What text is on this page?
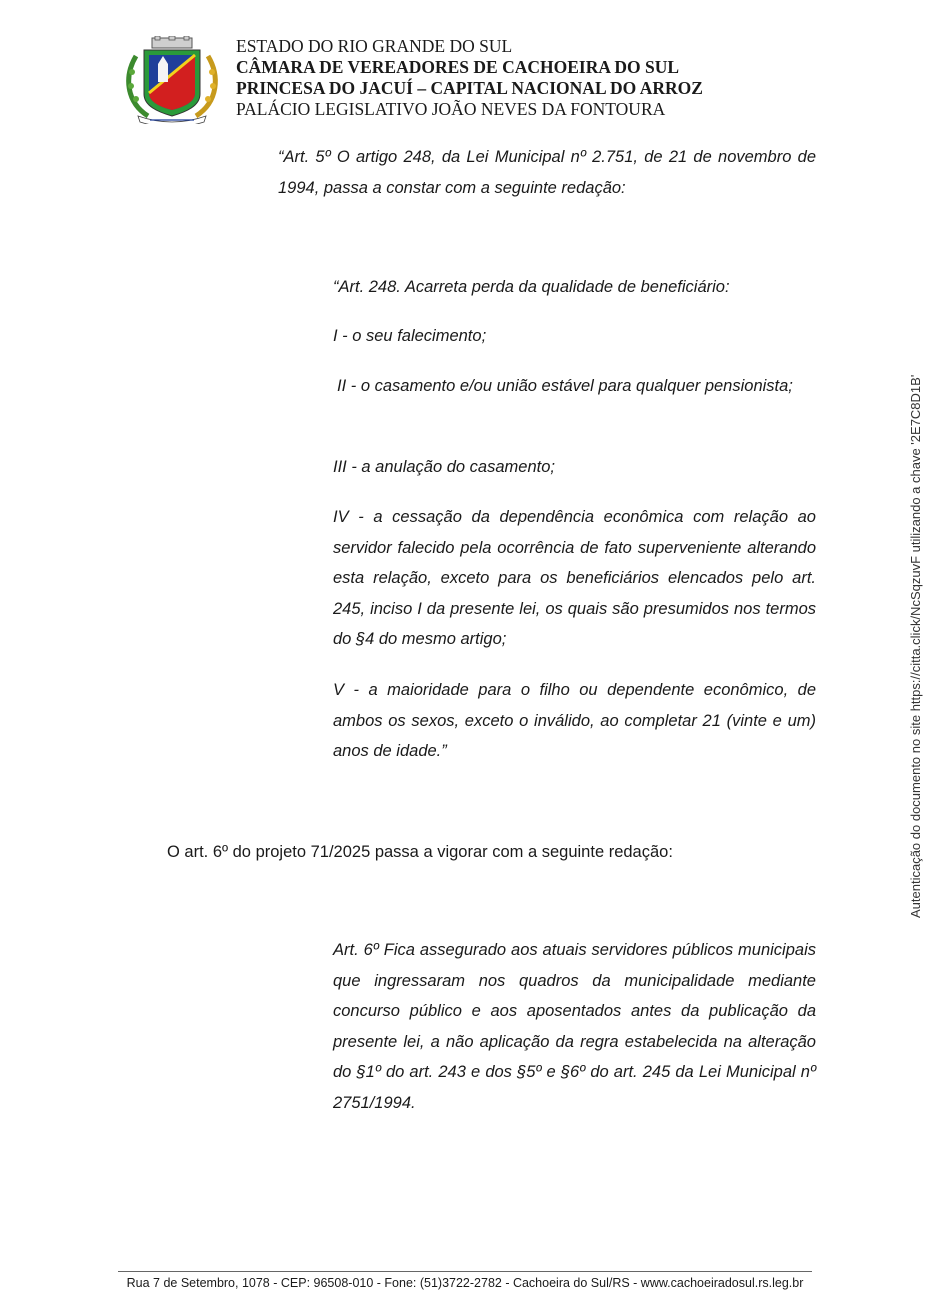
ESTADO DO RIO GRANDE DO SUL
CÂMARA DE VEREADORES DE CACHOEIRA DO SUL
PRINCESA DO JACUÍ – CAPITAL NACIONAL DO ARROZ
PALÁCIO LEGISLATIVO JOÃO NEVES DA FONTOURA
“Art. 5º O artigo 248, da Lei Municipal nº 2.751, de 21 de novembro de 1994, passa a constar com a seguinte redação:
“Art. 248. Acarreta perda da qualidade de beneficiário:
I - o seu falecimento;
II - o casamento e/ou união estável para qualquer pensionista;
III - a anulação do casamento;
IV - a cessação da dependência econômica com relação ao servidor falecido pela ocorrência de fato superveniente alterando esta relação, exceto para os beneficiários elencados pelo art. 245, inciso I da presente lei, os quais são presumidos nos termos do §4 do mesmo artigo;
V - a maioridade para o filho ou dependente econômico, de ambos os sexos, exceto o inválido, ao completar 21 (vinte e um) anos de idade.”
O art. 6º do projeto 71/2025 passa a vigorar com a seguinte redação:
Art. 6º Fica assegurado aos atuais servidores públicos municipais que ingressaram nos quadros da municipalidade mediante concurso público e aos aposentados antes da publicação da presente lei, a não aplicação da regra estabelecida na alteração do §1º do art. 243 e dos §5º e §6º do art. 245 da Lei Municipal nº 2751/1994.
Autenticação do documento no site https://citta.click/NcSqzuvF utilizando a chave '2E7C8D1B'
Rua 7 de Setembro, 1078 - CEP: 96508-010 - Fone: (51)3722-2782 - Cachoeira do Sul/RS - www.cachoeiradosul.rs.leg.br
